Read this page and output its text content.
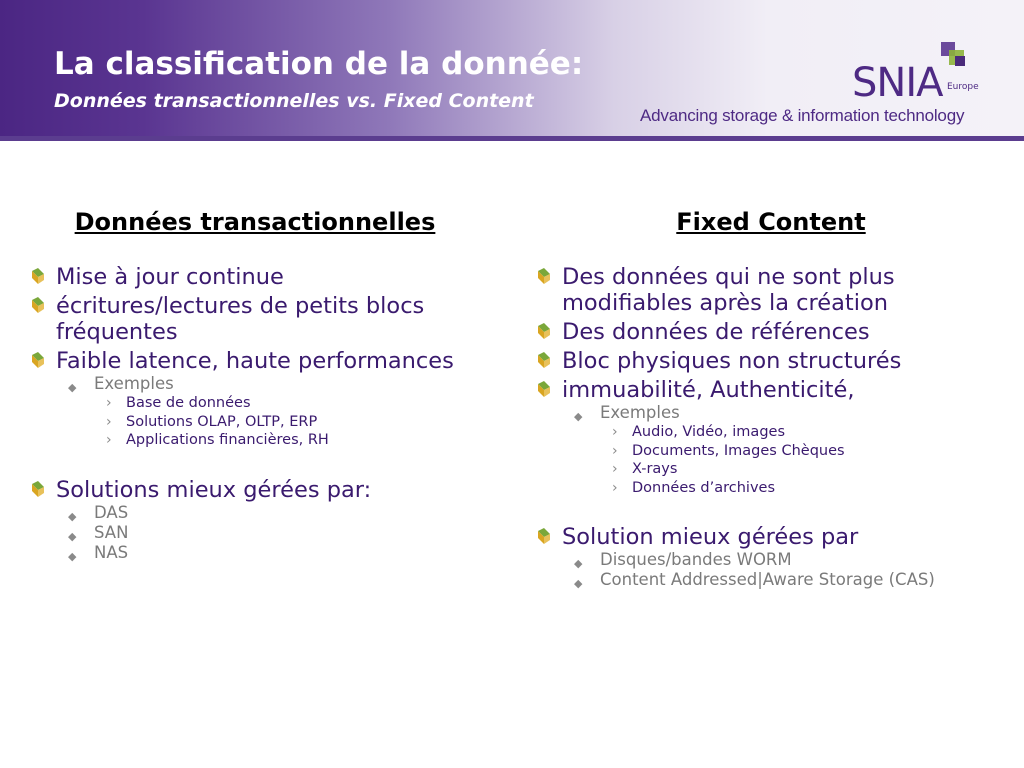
La classification de la donnée:
Données transactionnelles vs. Fixed Content	SNIA Europe
Advancing storage & information technology
Données transactionnelles
Mise à jour continue
écritures/lectures de petits blocs fréquentes
Faible latence, haute performances
◆ Exemples
› Base de données
› Solutions OLAP, OLTP, ERP
› Applications financières, RH
Solutions mieux gérées par:
◆ DAS
◆ SAN
◆ NAS
Fixed Content
Des données qui ne sont plus modifiables après la création
Des données de références
Bloc physiques non structurés
immuabilité, Authenticité,
◆ Exemples
› Audio, Vidéo, images
› Documents, Images Chèques
› X-rays
› Données d’archives
Solution mieux gérées par
◆ Disques/bandes WORM
◆ Content Addressed|Aware Storage (CAS)
